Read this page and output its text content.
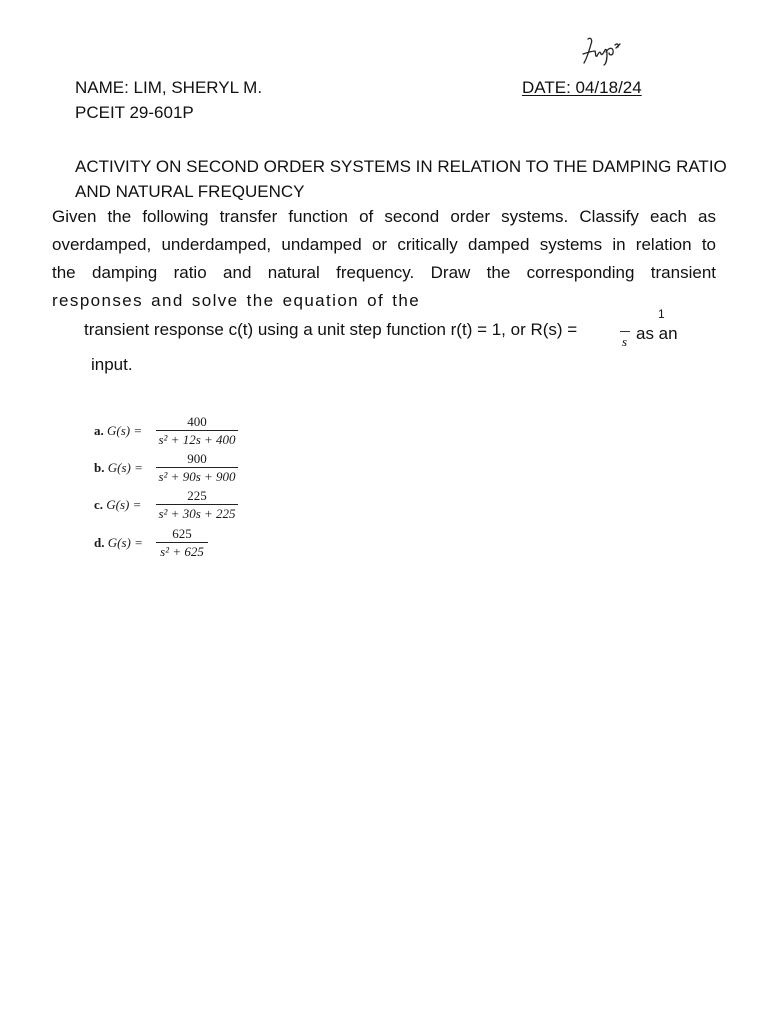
NAME: LIM, SHERYL M.	DATE: 04/18/24
PCEIT 29-601P
ACTIVITY ON SECOND ORDER SYSTEMS IN RELATION TO THE DAMPING RATIO
AND NATURAL FREQUENCY
Given the following transfer function of second order systems. Classify each as
overdamped, underdamped, undamped or critically damped systems in relation to
the damping ratio and natural frequency. Draw the corresponding transient
responses and solve the equation of the
transient response c(t) using a unit step function r(t) = 1, or R(s) =
1
s as an
input.
a. G(s) =
400
s² + 12s + 400
b. G(s) =
900
s² + 90s + 900
c. G(s) =
225
s² + 30s + 225
d. G(s) =
625
s² + 625
